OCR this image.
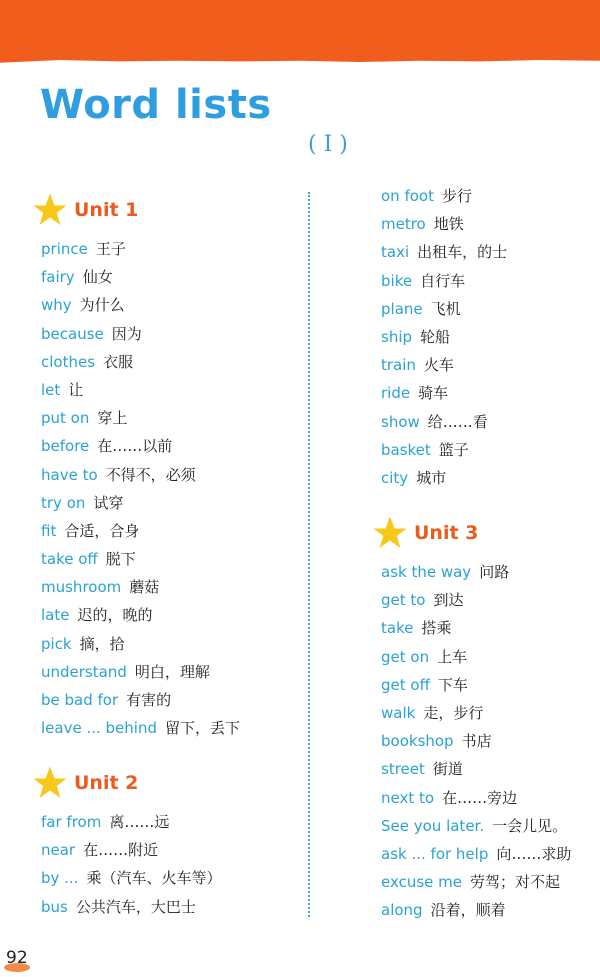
Word lists
( I )
Unit 1
prince 王子
fairy 仙女
why 为什么
because 因为
clothes 衣服
let 让
put on 穿上
before 在……以前
have to 不得不，必须
try on 试穿
fit 合适，合身
take off 脱下
mushroom 蘑菇
late 迟的，晚的
pick 摘，拾
understand 明白，理解
be bad for 有害的
leave ... behind 留下，丢下
Unit 2
far from 离……远
near 在……附近
by ... 乘（汽车、火车等）
bus 公共汽车，大巴士
on foot 步行
metro 地铁
taxi 出租车，的士
bike 自行车
plane 飞机
ship 轮船
train 火车
ride 骑车
show 给……看
basket 篮子
city 城市
Unit 3
ask the way 问路
get to 到达
take 搭乘
get on 上车
get off 下车
walk 走，步行
bookshop 书店
street 街道
next to 在……旁边
See you later. 一会儿见。
ask ... for help 向……求助
excuse me 劳驾；对不起
along 沿着，顺着
92
